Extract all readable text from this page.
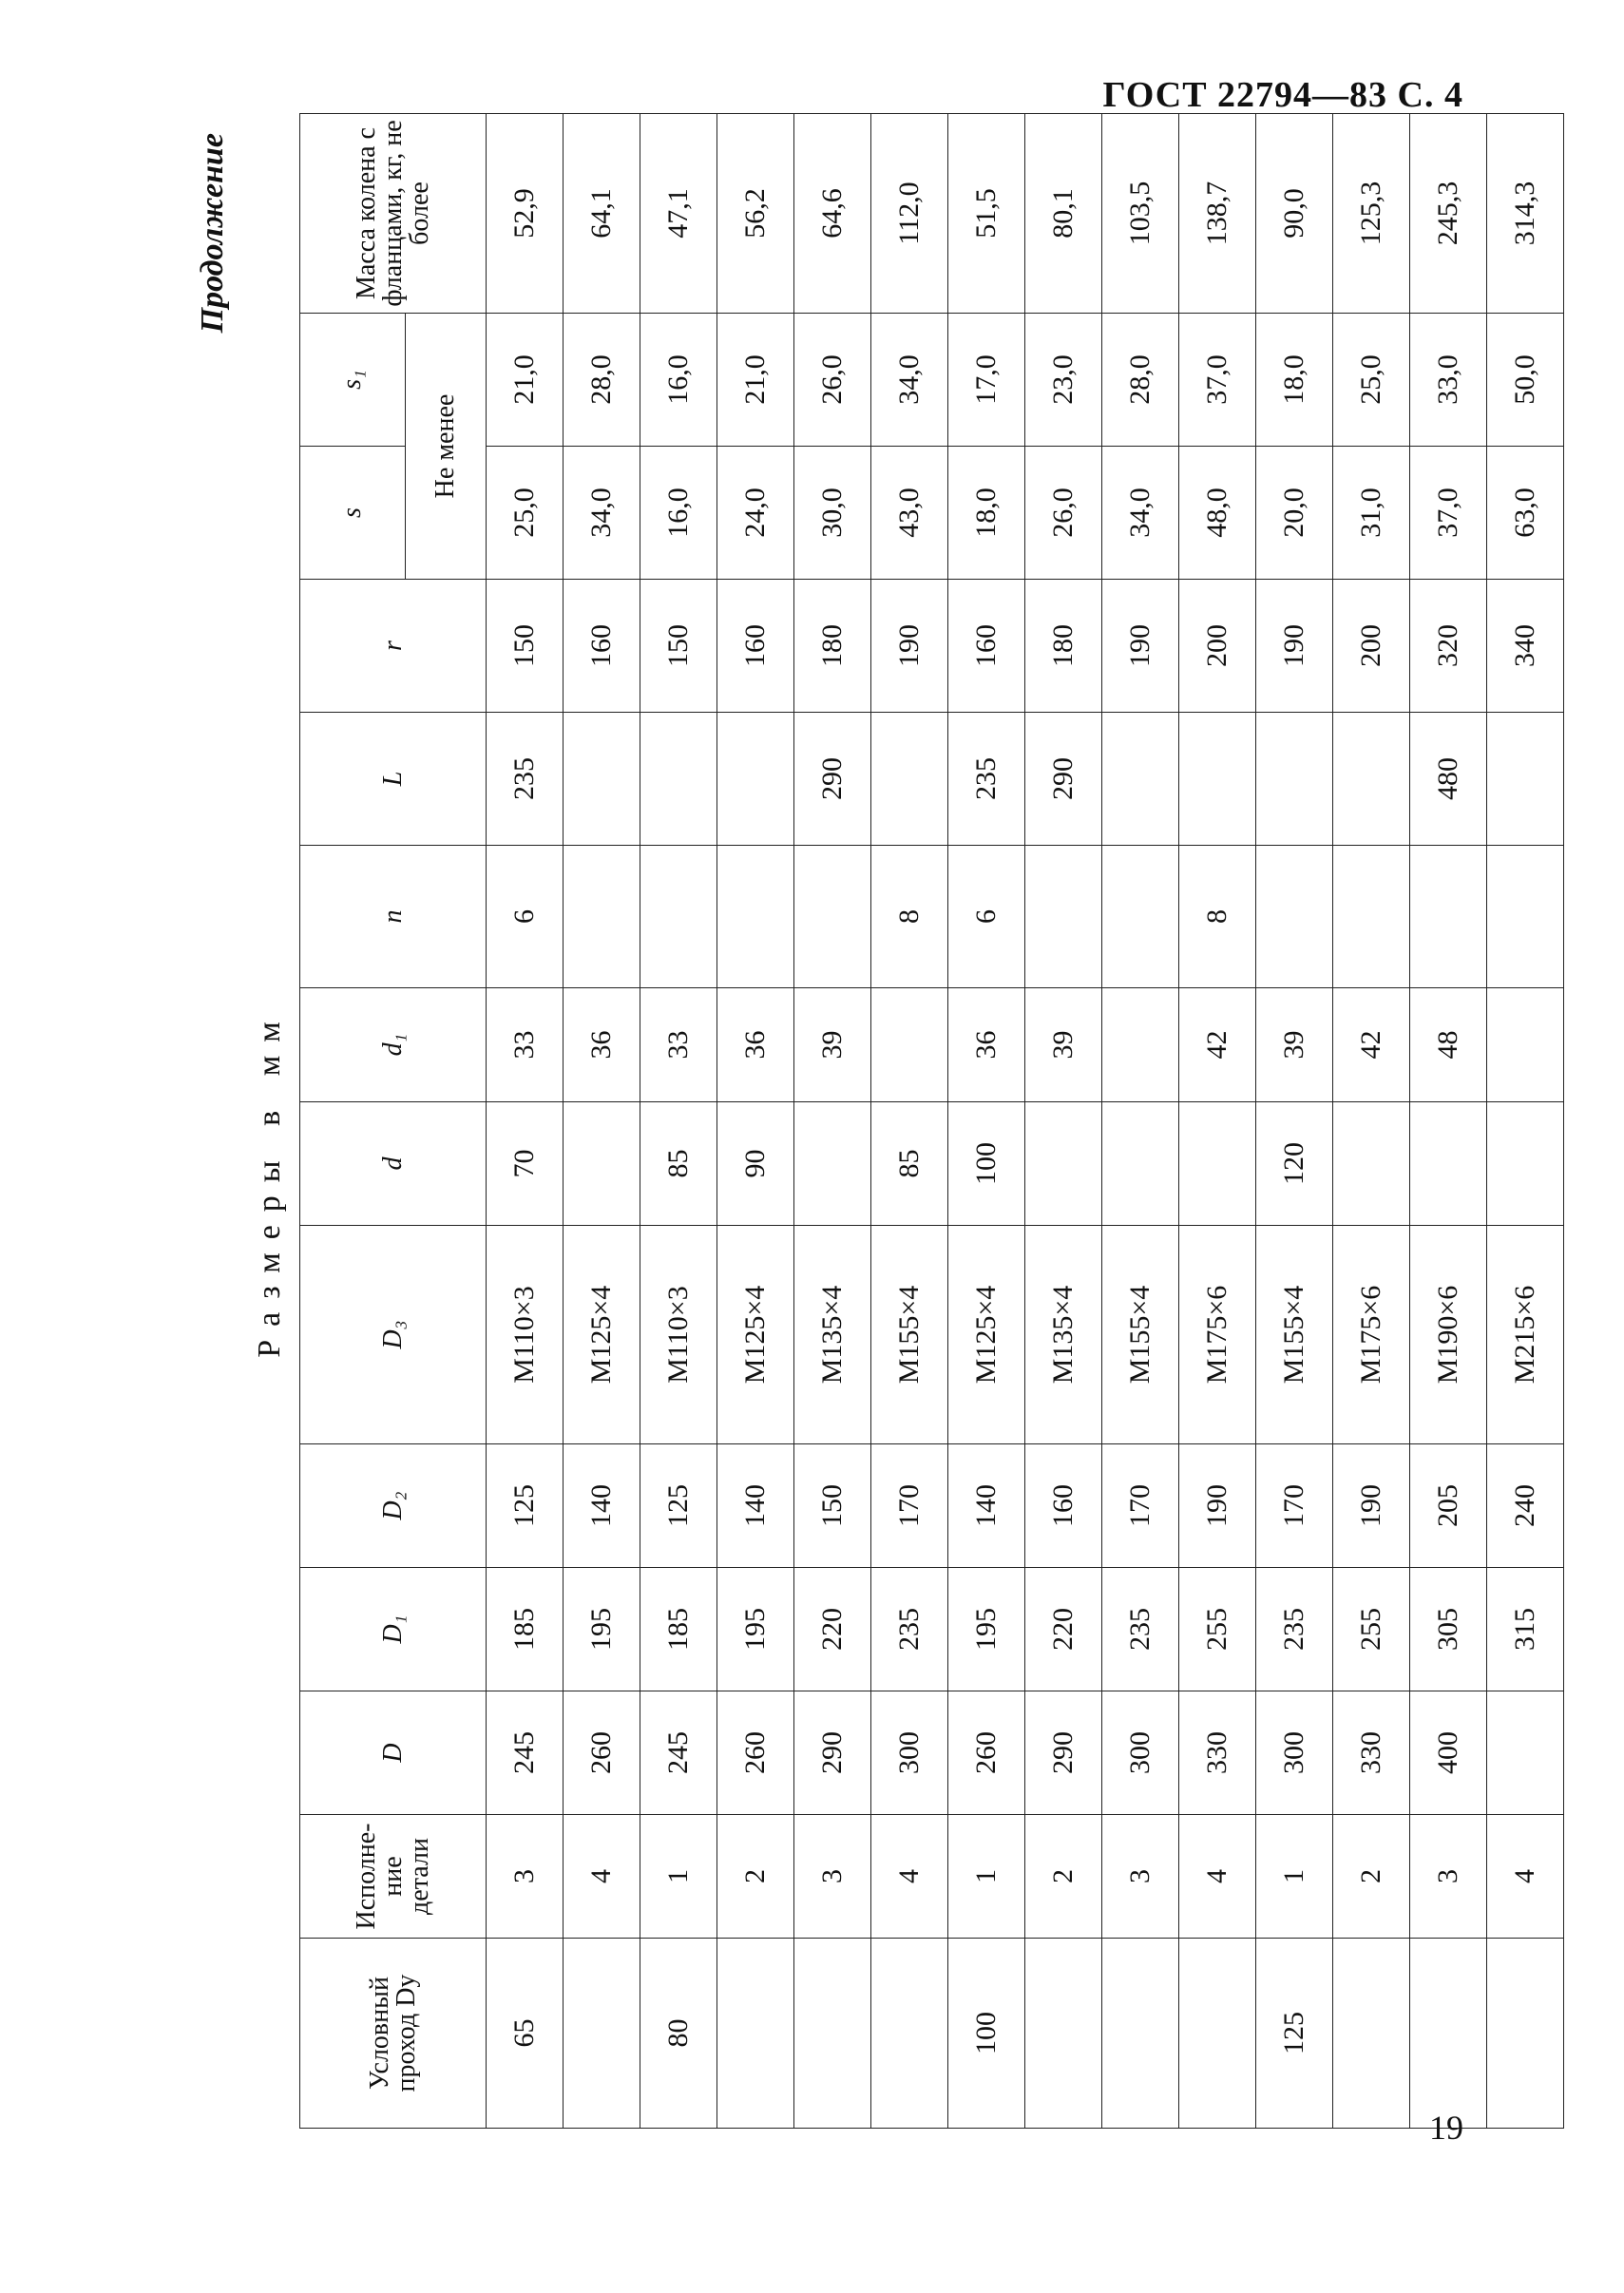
ГОСТ 22794—83 С. 4
Продолжение
Размеры в мм
Условный проход Dу	Исполне-ние детали	D	D₁	D₂	D₃	d	d₁	n	L	r	s	s₁	Масса колена с фланцами, кг, не более
											Не менее		
65	3	245	185	125	M110×3	70	33	6	235	150	25,0	21,0	52,9
	4	260	195	140	M125×4		36			160	34,0	28,0	64,1
80	1	245	185	125	M110×3	85	33			150	16,0	16,0	47,1
	2	260	195	140	M125×4	90	36			160	24,0	21,0	56,2
	3	290	220	150	M135×4		39		290	180	30,0	26,0	64,6
	4	300	235	170	M155×4	85		8		190	43,0	34,0	112,0
100	1	260	195	140	M125×4	100	36	6	235	160	18,0	17,0	51,5
	2	290	220	160	M135×4		39		290	180	26,0	23,0	80,1
	3	300	235	170	M155×4					190	34,0	28,0	103,5
	4	330	255	190	M175×6		42	8		200	48,0	37,0	138,7
125	1	300	235	170	M155×4	120	39			190	20,0	18,0	90,0
	2	330	255	190	M175×6		42			200	31,0	25,0	125,3
	3	400	305	205	M190×6		48		480	320	37,0	33,0	245,3
	4		315	240	M215×6					340	63,0	50,0	314,3
19
